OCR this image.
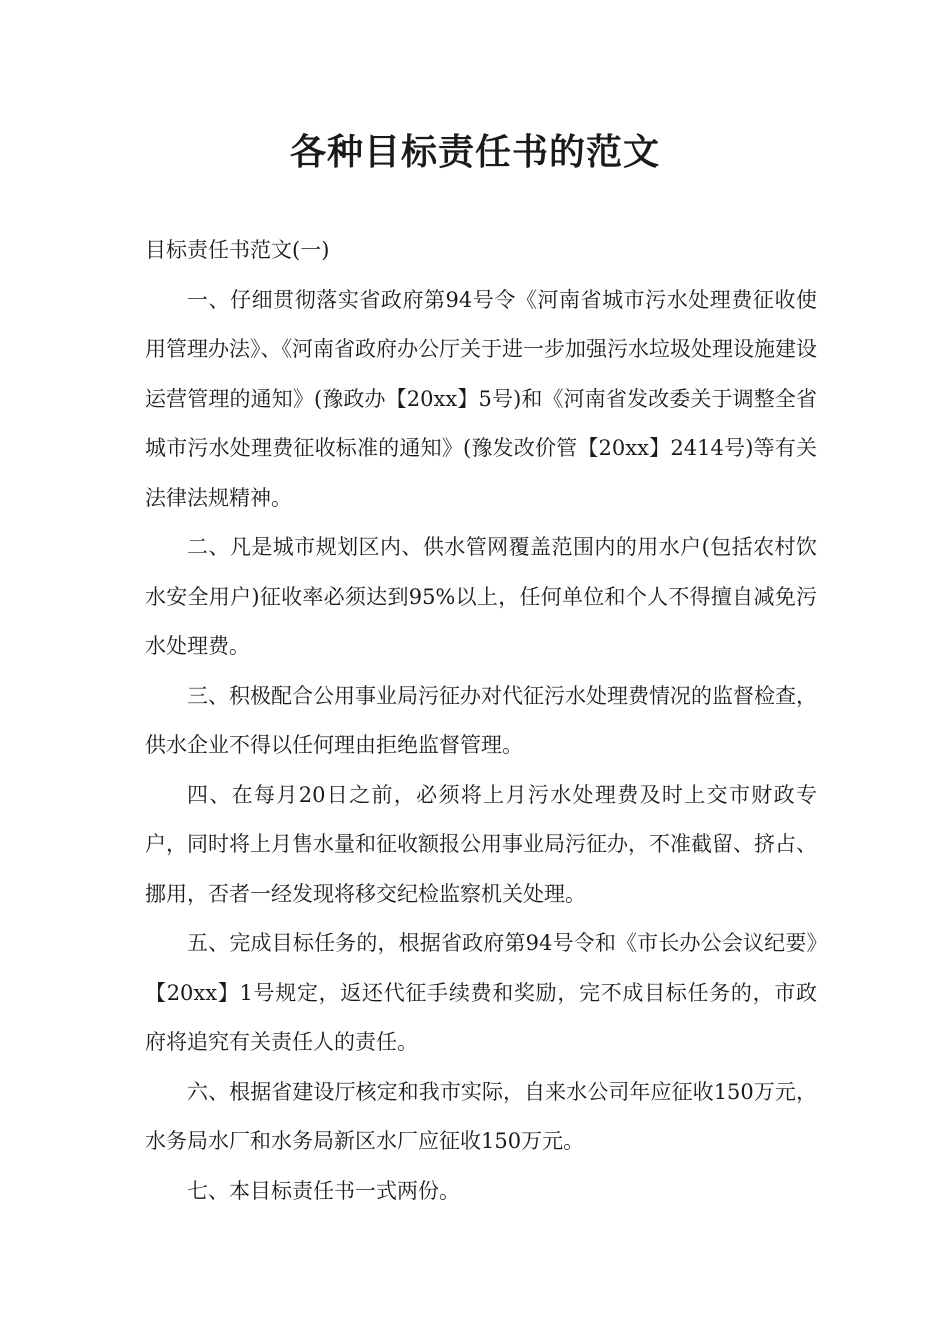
各种目标责任书的范文

目标责任书范文(一)

一、仔细贯彻落实省政府第94号令《河南省城市污水处理费征收使用管理办法》、《河南省政府办公厅关于进一步加强污水垃圾处理设施建设运营管理的通知》(豫政办【20xx】5号)和《河南省发改委关于调整全省城市污水处理费征收标准的通知》(豫发改价管【20xx】2414号)等有关法律法规精神。

二、凡是城市规划区内、供水管网覆盖范围内的用水户(包括农村饮水安全用户)征收率必须达到95%以上，任何单位和个人不得擅自减免污水处理费。

三、积极配合公用事业局污征办对代征污水处理费情况的监督检查，供水企业不得以任何理由拒绝监督管理。

四、在每月20日之前，必须将上月污水处理费及时上交市财政专户，同时将上月售水量和征收额报公用事业局污征办，不准截留、挤占、挪用，否者一经发现将移交纪检监察机关处理。

五、完成目标任务的，根据省政府第94号令和《市长办公会议纪要》【20xx】1号规定，返还代征手续费和奖励，完不成目标任务的，市政府将追究有关责任人的责任。

六、根据省建设厅核定和我市实际，自来水公司年应征收150万元，水务局水厂和水务局新区水厂应征收150万元。

七、本目标责任书一式两份。
